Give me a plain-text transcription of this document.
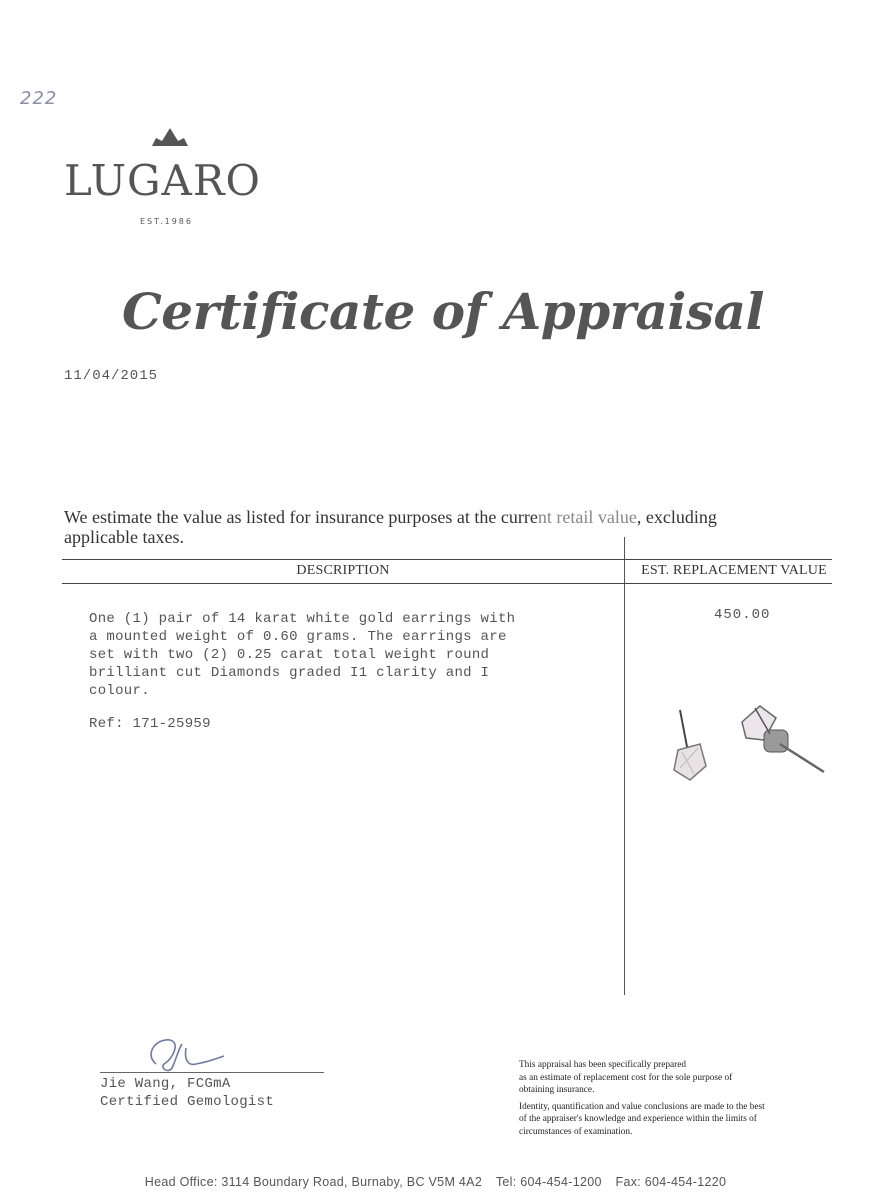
222
LUGARO
EST.1986
Certificate of Appraisal
11/04/2015
We estimate the value as listed for insurance purposes at the current retail value, excluding applicable taxes.
DESCRIPTION	EST. REPLACEMENT VALUE
One (1) pair of 14 karat white gold earrings with
a mounted weight of 0.60 grams. The earrings are
set with two (2) 0.25 carat total weight round
brilliant cut Diamonds graded I1 clarity and I
colour.
Ref: 171-25959
450.00
Jie Wang, FCGmA
Certified Gemologist

This appraisal has been specifically prepared
as an estimate of replacement cost for the sole purpose of
obtaining insurance.

Identity, quantification and value conclusions are made to the best
of the appraiser's knowledge and experience within the limits of
circumstances of examination.

Head Office: 3114 Boundary Road, Burnaby, BC V5M 4A2 Tel: 604-454-1200 Fax: 604-454-1220
